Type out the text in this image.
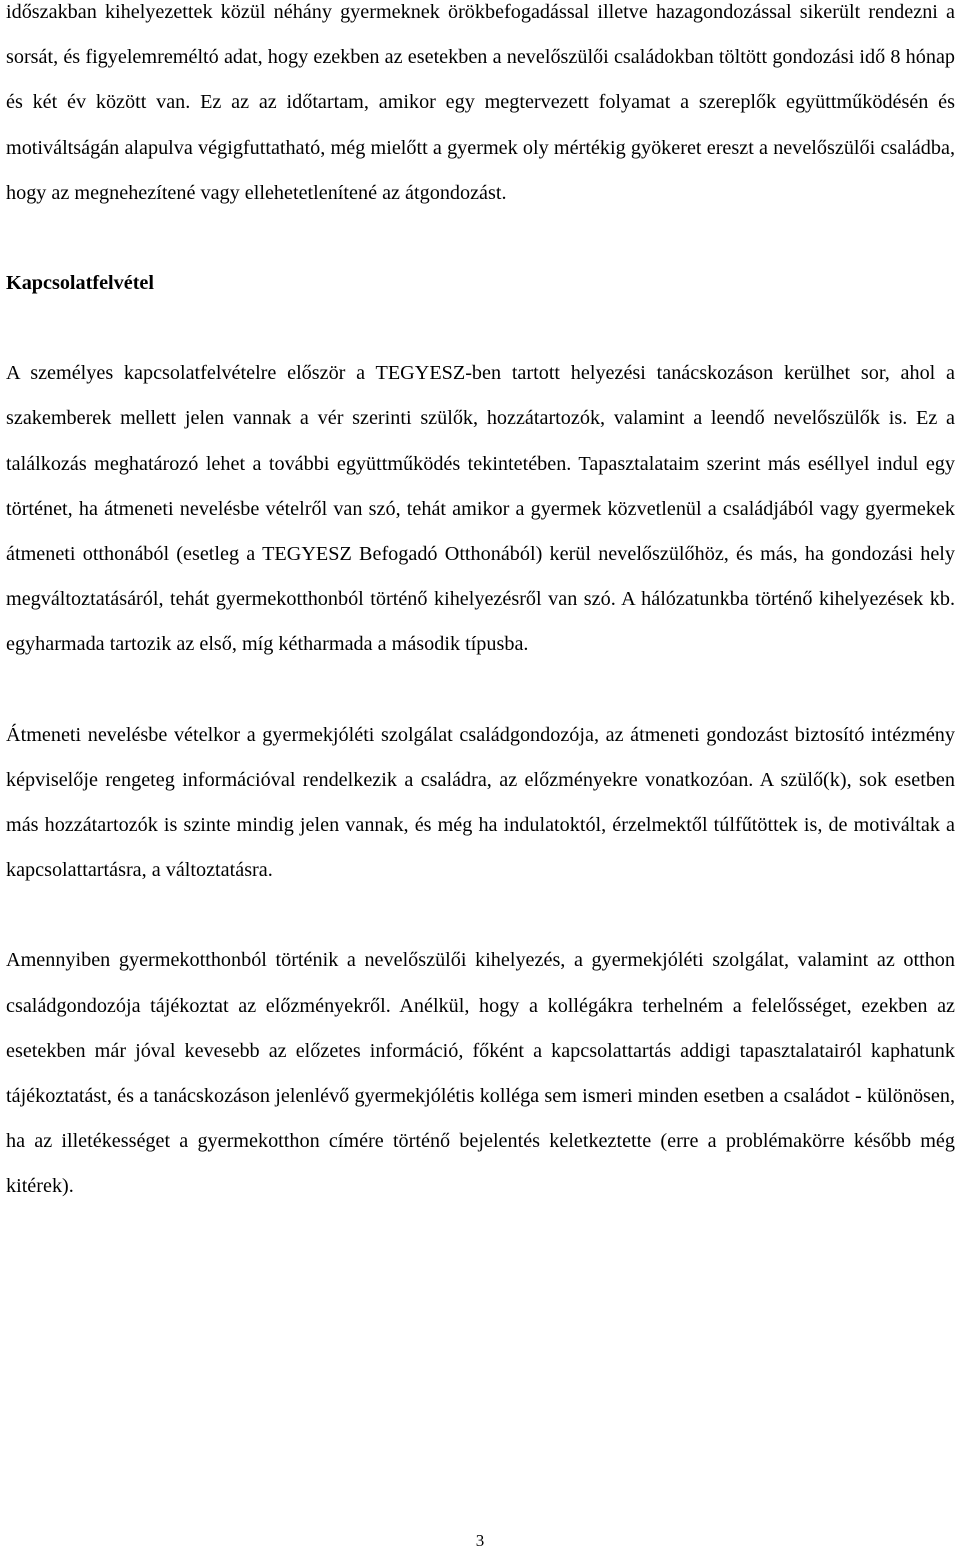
időszakban kihelyezettek közül néhány gyermeknek örökbefogadással illetve hazagondozással sikerült rendezni a sorsát, és figyelemreméltó adat, hogy ezekben az esetekben a nevelőszülői családokban töltött gondozási idő 8 hónap és két év között van. Ez az az időtartam, amikor egy megtervezett folyamat a szereplők együttműködésén és motiváltságán alapulva végigfuttatható, még mielőtt a gyermek oly mértékig gyökeret ereszt a nevelőszülői családba, hogy az megnehezítené vagy ellehetetlenítené az átgondozást.

Kapcsolatfelvétel

A személyes kapcsolatfelvételre először a TEGYESZ-ben tartott helyezési tanácskozáson kerülhet sor, ahol a szakemberek mellett jelen vannak a vér szerinti szülők, hozzátartozók, valamint a leendő nevelőszülők is. Ez a találkozás meghatározó lehet a további együttműködés tekintetében. Tapasztalataim szerint más eséllyel indul egy történet, ha átmeneti nevelésbe vételről van szó, tehát amikor a gyermek közvetlenül a családjából vagy gyermekek átmeneti otthonából (esetleg a TEGYESZ Befogadó Otthonából) kerül nevelőszülőhöz, és más, ha gondozási hely megváltoztatásáról, tehát gyermekotthonból történő kihelyezésről van szó. A hálózatunkba történő kihelyezések kb. egyharmada tartozik az első, míg kétharmada a második típusba.

Átmeneti nevelésbe vételkor a gyermekjóléti szolgálat családgondozója, az átmeneti gondozást biztosító intézmény képviselője rengeteg információval rendelkezik a családra, az előzményekre vonatkozóan. A szülő(k), sok esetben más hozzátartozók is szinte mindig jelen vannak, és még ha indulatoktól, érzelmektől túlfűtöttek is, de motiváltak a kapcsolattartásra, a változtatásra.

Amennyiben gyermekotthonból történik a nevelőszülői kihelyezés, a gyermekjóléti szolgálat, valamint az otthon családgondozója tájékoztat az előzményekről. Anélkül, hogy a kollégákra terhelném a felelősséget, ezekben az esetekben már jóval kevesebb az előzetes információ, főként a kapcsolattartás addigi tapasztalatairól kaphatunk tájékoztatást, és a tanácskozáson jelenlévő gyermekjólétis kolléga sem ismeri minden esetben a családot - különösen, ha az illetékességet a gyermekotthon címére történő bejelentés keletkeztette (erre a problémakörre később még kitérek).

3
